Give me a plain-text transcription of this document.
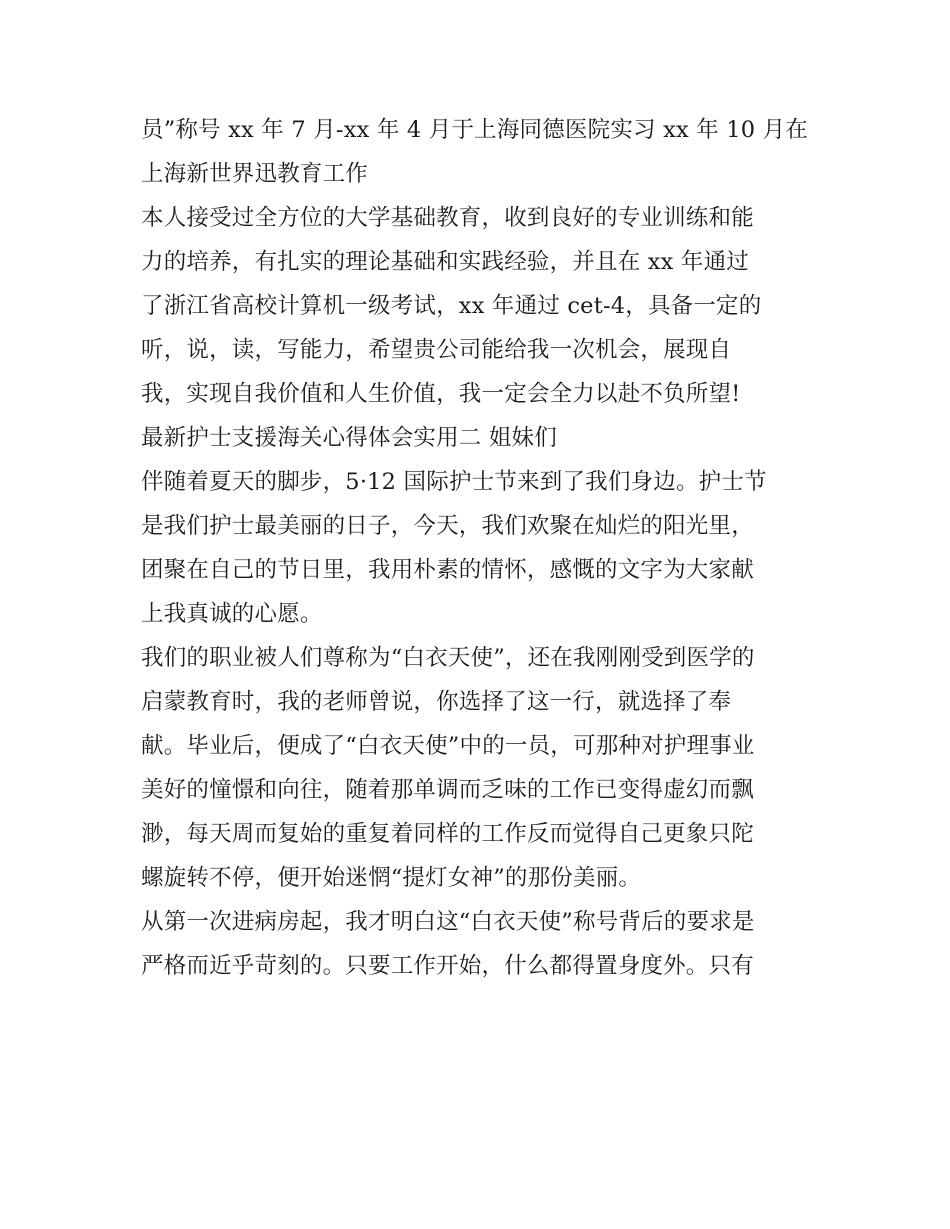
员”称号 xx 年 7 月-xx 年 4 月于上海同德医院实习 xx 年 10 月在
上海新世界迅教育工作
本人接受过全方位的大学基础教育，收到良好的专业训练和能
力的培养，有扎实的理论基础和实践经验，并且在 xx 年通过
了浙江省高校计算机一级考试，xx 年通过 cet-4，具备一定的
听，说，读，写能力，希望贵公司能给我一次机会，展现自
我，实现自我价值和人生价值，我一定会全力以赴不负所望!
最新护士支援海关心得体会实用二 姐妹们
伴随着夏天的脚步，5·12 国际护士节来到了我们身边。护士节
是我们护士最美丽的日子，今天，我们欢聚在灿烂的阳光里，
团聚在自己的节日里，我用朴素的情怀，感慨的文字为大家献
上我真诚的心愿。
我们的职业被人们尊称为“白衣天使”，还在我刚刚受到医学的
启蒙教育时，我的老师曾说，你选择了这一行，就选择了奉
献。毕业后，便成了“白衣天使”中的一员，可那种对护理事业
美好的憧憬和向往，随着那单调而乏味的工作已变得虚幻而飘
渺，每天周而复始的重复着同样的工作反而觉得自己更象只陀
螺旋转不停，便开始迷惘“提灯女神”的那份美丽。
从第一次进病房起，我才明白这“白衣天使”称号背后的要求是
严格而近乎苛刻的。只要工作开始，什么都得置身度外。只有
